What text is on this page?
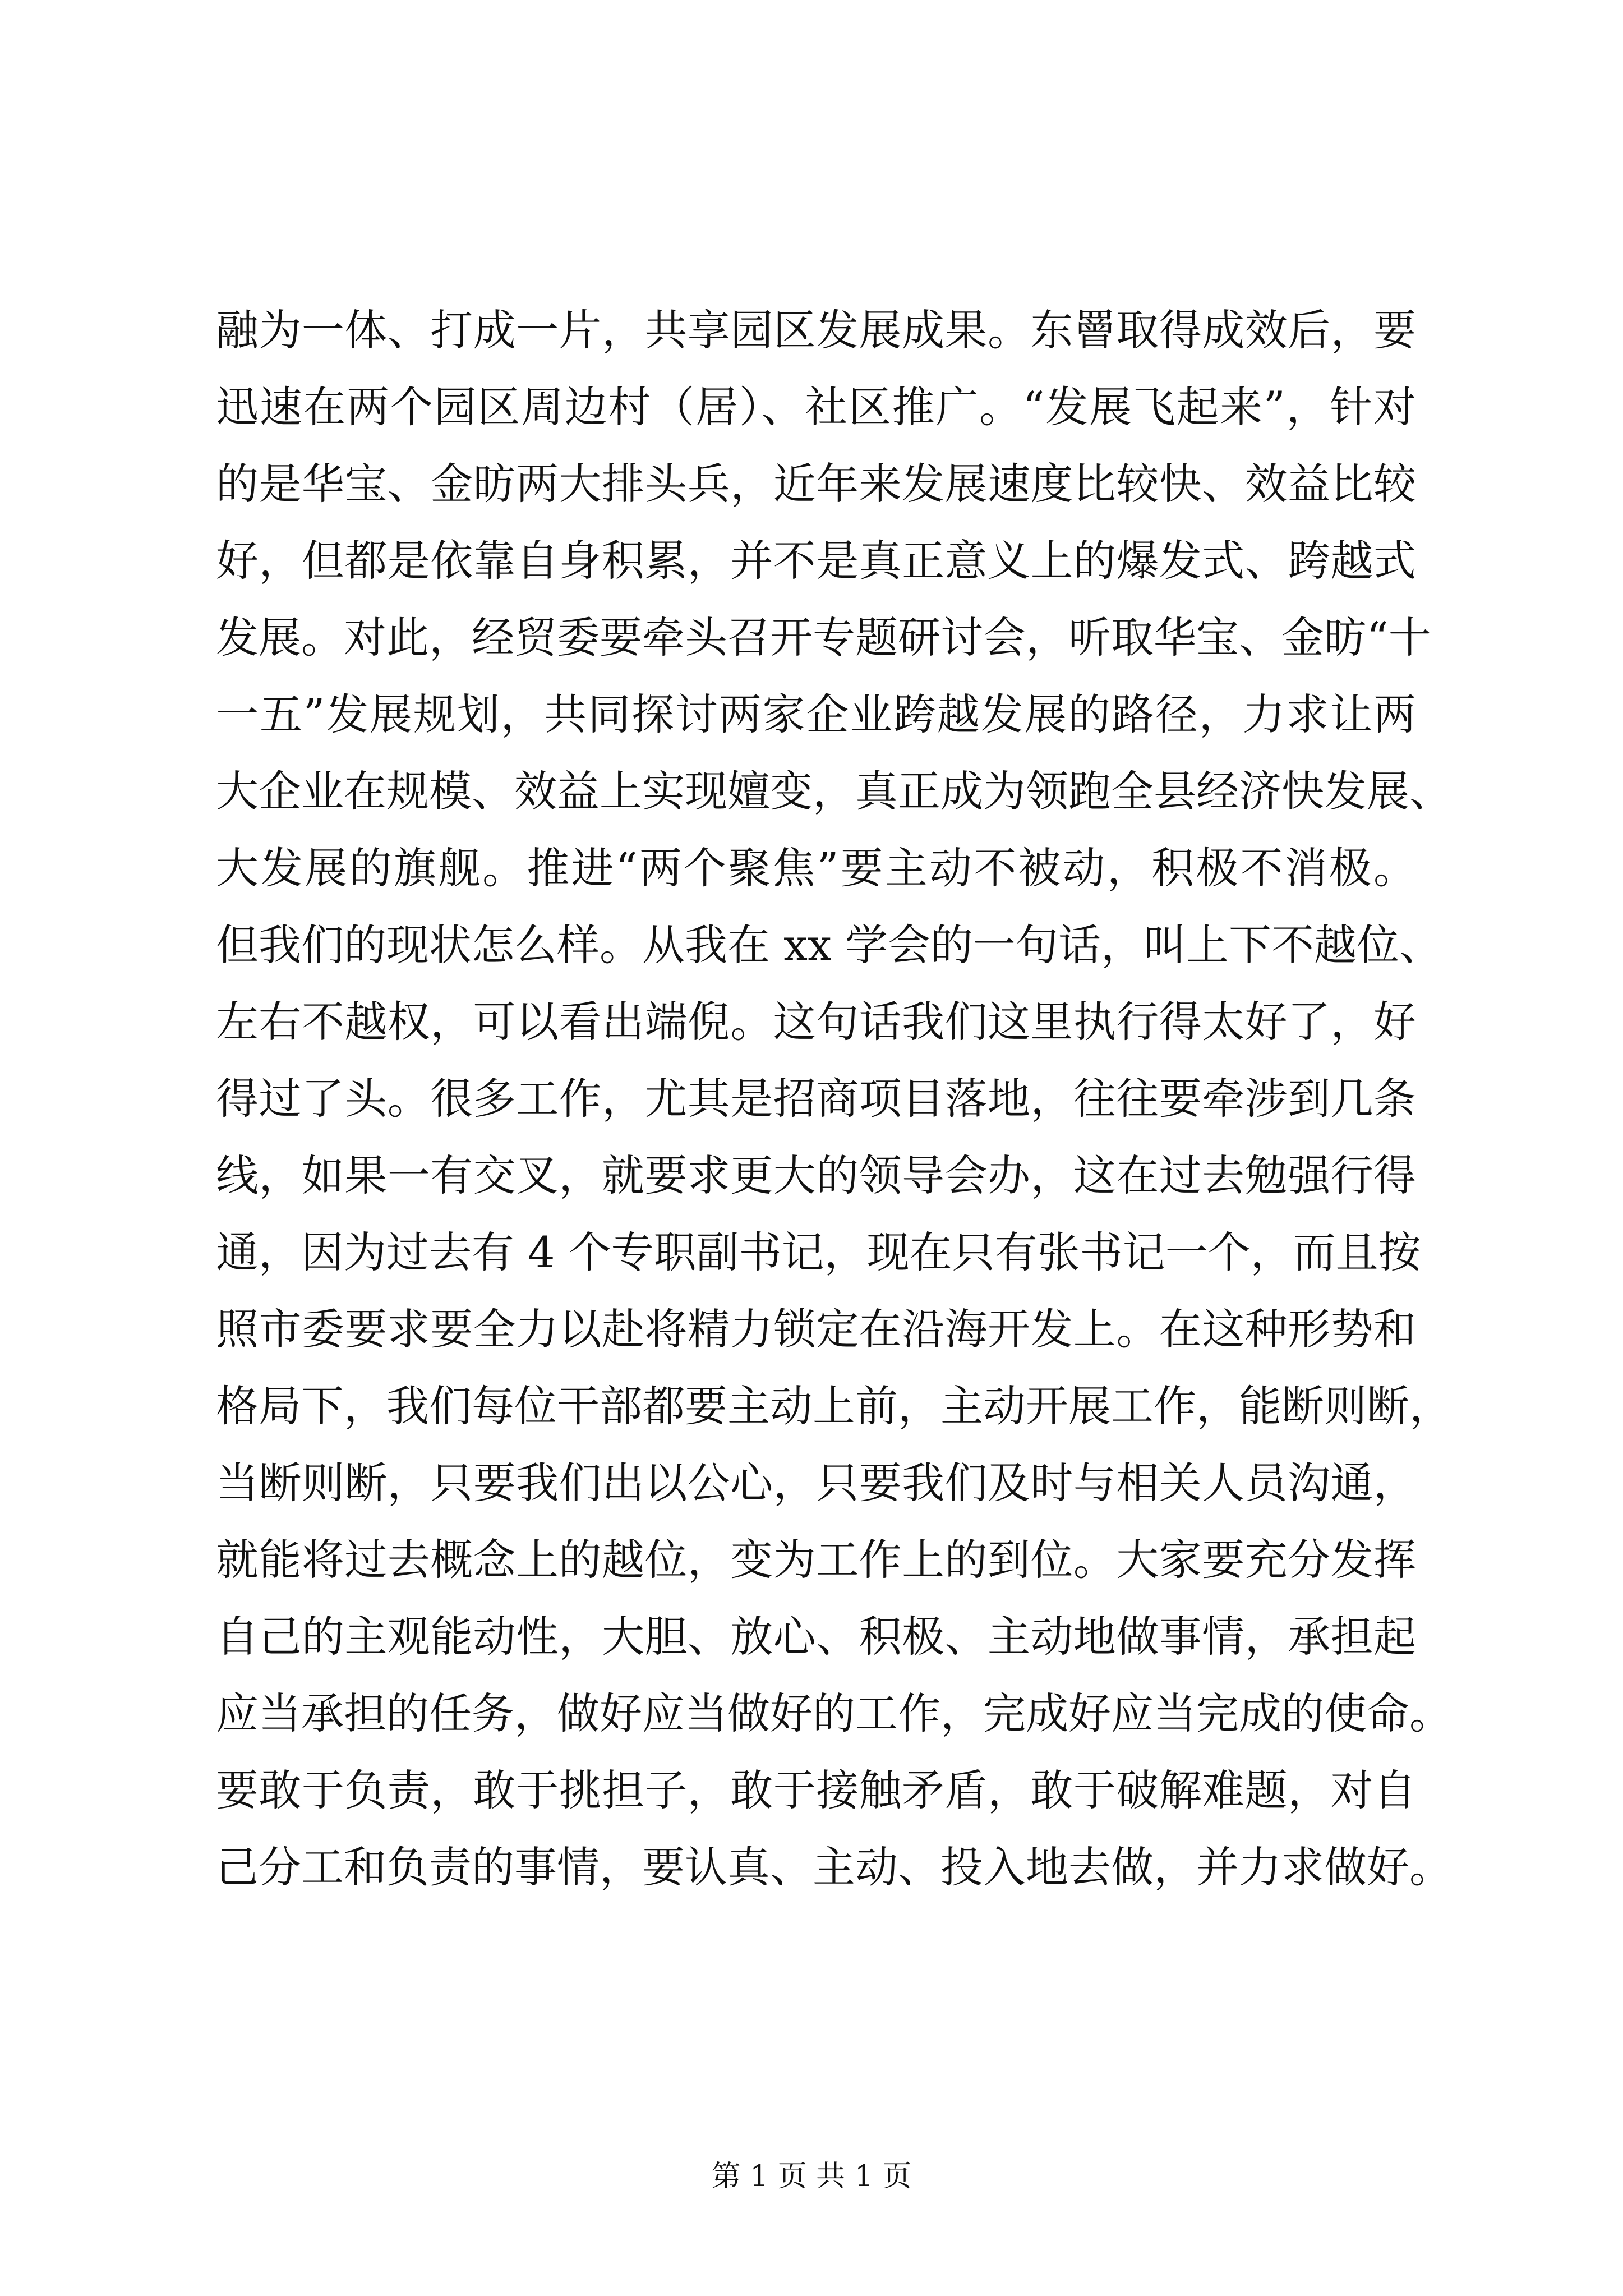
融为一体、打成一片，共享园区发展成果。东罾取得成效后，要
迅速在两个园区周边村（居）、社区推广。“发展飞起来”，针对
的是华宝、金昉两大排头兵，近年来发展速度比较快、效益比较
好，但都是依靠自身积累，并不是真正意义上的爆发式、跨越式
发展。对此，经贸委要牵头召开专题研讨会，听取华宝、金昉“十
一五”发展规划，共同探讨两家企业跨越发展的路径，力求让两
大企业在规模、效益上实现嬗变，真正成为领跑全县经济快发展、
大发展的旗舰。推进“两个聚焦”要主动不被动，积极不消极。
但我们的现状怎么样。从我在 xx 学会的一句话，叫上下不越位、
左右不越权，可以看出端倪。这句话我们这里执行得太好了，好
得过了头。很多工作，尤其是招商项目落地，往往要牵涉到几条
线，如果一有交叉，就要求更大的领导会办，这在过去勉强行得
通，因为过去有 4 个专职副书记，现在只有张书记一个，而且按
照市委要求要全力以赴将精力锁定在沿海开发上。在这种形势和
格局下，我们每位干部都要主动上前，主动开展工作，能断则断，
当断则断，只要我们出以公心，只要我们及时与相关人员沟通，
就能将过去概念上的越位，变为工作上的到位。大家要充分发挥
自己的主观能动性，大胆、放心、积极、主动地做事情，承担起
应当承担的任务，做好应当做好的工作，完成好应当完成的使命。
要敢于负责，敢于挑担子，敢于接触矛盾，敢于破解难题，对自
己分工和负责的事情，要认真、主动、投入地去做，并力求做好。
第 1 页 共 1 页
